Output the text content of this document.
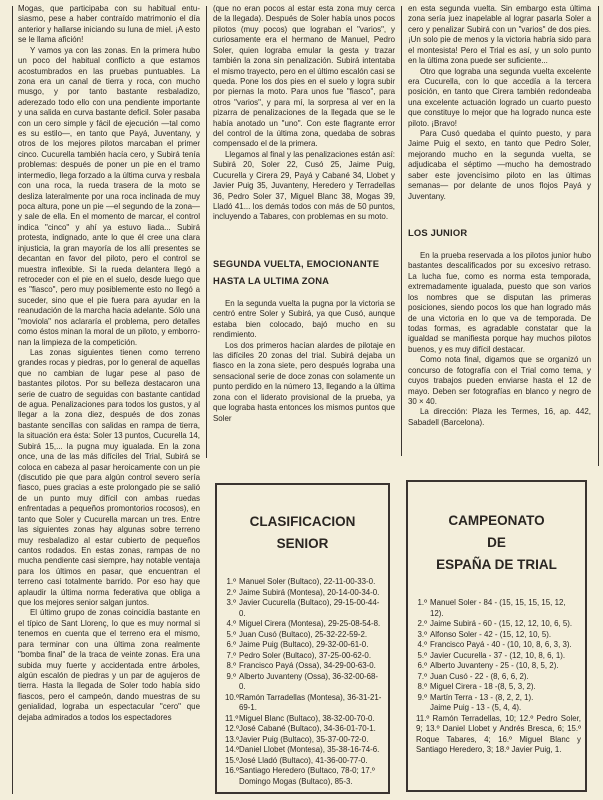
Mogas, que participaba con su habitual entusiasmo, pese a haber contraído matrimonio el día anterior y hallarse iniciando su luna de miel. ¡A esto se le llama afición!

Y vamos ya con las zonas. En la primera hubo un poco del habitual conflicto a que estamos acostumbrados en las pruebas puntuables. La zona era un canal de tierra y roca, con mucho musgo, y por tanto bastante resbaladizo, aderezado todo ello con una pendiente importante y una salida en curva bastante deficil. Soler pasaba con un cero simple y fácil de ejecución —tal como es su estilo—, en tanto que Payá, Juventany, y otros de los mejores pilotos marcaban el primer cinco. Cucurella también hacía cero, y Subirá tenía problemas: después de poner un pie en el tramo intermedio, llega forzado a la última curva y resbala con una roca, la rueda trasera de la moto se desliza lateralmente por una roca inclinada de muy poca altura, pone un pie —el segundo de la zona— y sale de ella. En el momento de marcar, el control indica "cinco" y ahí ya estuvo liada... Subirá protesta, indignado, ante lo que él cree una clara injusticia, la gran mayoría de los allí presentes se decantan en favor del piloto, pero el control se muestra inflexible. Si la rueda delantera llegó a retroceder con el pie en el suelo, desde luego que es "fiasco", pero muy posiblemente esto no llegó a suceder, sino que el pie fuera para ayudar en la reanudación de la marcha hacia adelante. Sólo una "moviola" nos aclararía el problema, pero detalles como éstos minan la moral de un piloto, y emborronan la limpieza de la competición.

Las zonas siguientes tienen como terreno grandes rocas y piedras, por lo general de aquellas que no cambian de lugar pese al paso de bastantes pilotos. Por su belleza destacaron una serie de cuatro de seguidas con bastante cantidad de agua. Penalizaciones para todos los gustos, y al llegar a la zona diez, después de dos zonas bastante sencillas con salidas en rampa de tierra, la situación era ésta: Soler 13 puntos, Cucurella 14, Subirá 15,... la pugna muy igualada. En la zona once, una de las más difíciles del Trial, Subirá se coloca en cabeza al pasar heroicamente con un pie (discutido pie que para algún control severo sería fiasco, pues gracias a este prolongado pie se salió de un punto muy difícil con ambas ruedas enfrentadas a pequeños promontorios rocosos), en tanto que Soler y Cucurella marcan un tres. Entre las siguientes zonas hay algunas sobre terreno muy resbaladizo al estar cubierto de pequeños cantos rodados. En estas zonas, rampas de no mucha pendiente casi siempre, hay notable ventaja para los últimos en pasar, que encuentran el terreno casi totalmente barrido. Por eso hay que aplaudir la última norma federativa que obliga a que los mejores senior salgan juntos.

El último grupo de zonas coincidía bastante en el típico de Sant Llorenç, lo que es muy normal si tenemos en cuenta que el terreno era el mismo, para terminar con una última zona realmente "bomba final" de la traca de veinte zonas. Era una subida muy fuerte y accidentada entre árboles, algún escalón de piedras y un par de agujeros de tierra. Hasta la llegada de Soler todo había sido fiascos, pero el campeón, dando muestras de su genialidad, lograba un espectacular "cero" que dejaba admirados a todos los espectadores

(que no eran pocos al estar esta zona muy cerca de la llegada). Después de Soler había unos pocos pilotos (muy pocos) que lograban el "varios", y curiosamente era el hermano de Manuel, Pedro Soler, quien lograba emular la gesta y trazar también la zona sin penalización. Subirá intentaba el mismo trayecto, pero en el último escalón casi se queda. Pone los dos pies en el suelo y logra subir por piernas la moto. Para unos fue "fiasco", para otros "varios", y para mí, la sorpresa al ver en la pizarra de penalizaciones de la llegada que se le había anotado un "uno". Con este flagrante error del control de la última zona, quedaba de sobras compensado el de la primera.

Llegamos al final y las penalizaciones están así: Subirá 20, Soler 22, Cusó 25, Jaime Puig, Cucurella y Cirera 29, Payá y Cabané 34, Llobet y Javier Puig 35, Juvanteny, Heredero y Terradellas 36, Pedro Soler 37, Miguel Blanc 38, Mogas 39, Lladó 41... los demás todos con más de 50 puntos, incluyendo a Tabares, con problemas en su moto.

SEGUNDA VUELTA, EMOCIONANTE
HASTA LA ULTIMA ZONA

En la segunda vuelta la pugna por la victoria se centró entre Soler y Subirá, ya que Cusó, aunque estaba bien colocado, bajó mucho en su rendimiento.

Los dos primeros hacían alardes de pilotaje en las difíciles 20 zonas del trial. Subirá dejaba un fiasco en la zona siete, pero después lograba una sensacional serie de doce zonas con solamente un punto perdido en la número 13, llegando a la última zona con el liderato provisional de la prueba, ya que lograba hasta entonces los mismos puntos que Soler

en esta segunda vuelta. Sin embargo esta última zona sería juez inapelable al lograr pasarla Soler a cero y penalizar Subirá con un "varios" de dos pies. ¡Un solo pie de menos y la victoria habría sido para el montesista! Pero el Trial es así, y un solo punto en la última zona puede ser suficiente...

Otro que lograba una segunda vuelta excelente era Cucurella, con lo que accedía a la tercera posición, en tanto que Cirera también redondeaba una excelente actuación logrado un cuarto puesto que constituye lo mejor que ha logrado nunca este piloto. ¡Bravo!

Para Cusó quedaba el quinto puesto, y para Jaime Puig el sexto, en tanto que Pedro Soler, mejorando mucho en la segunda vuelta, se adjudicaba el séptimo —mucho ha demostrado saber este jovencísimo piloto en las últimas semanas— por delante de unos flojos Payá y Juventany.

LOS JUNIOR

En la prueba reservada a los pilotos junior hubo bastantes descalificados por su excesivo retraso. La lucha fue, como es norma esta temporada, extremadamente igualada, puesto que son varios los nombres que se disputan las primeras posiciones, siendo pocos los que han logrado más de una victoria en lo que va de temporada. De todas formas, es agradable constatar que la igualdad se manifiesta porque hay muchos pilotos buenos, y es muy difícil destacar.

Como nota final, digamos que se organizó un concurso de fotografía con el Trial como tema, y cuyos trabajos pueden enviarse hasta el 12 de mayo. Deben ser fotografías en blanco y negro de 30 × 40.

La dirección: Plaza les Termes, 16, ap. 442, Sabadell (Barcelona).

CLASIFICACION
SENIOR
1.º Manuel Soler (Bultaco), 22-11-00-33-0.
2.º Jaime Subirá (Montesa), 20-14-00-34-0.
3.º Javier Cucurella (Bultaco), 29-15-00-44-0.
4.º Miguel Cirera (Montesa), 29-25-08-54-8.
5.º Juan Cusó (Bultaco), 25-32-22-59-2.
6.º Jaime Puig (Bultaco), 29-32-00-61-0.
7.º Pedro Soler (Bultaco), 37-25-00-62-0.
8.º Francisco Payá (Ossa), 34-29-00-63-0.
9.º Alberto Juvanteny (Ossa), 36-32-00-68-0.
10.ºRamón Tarradellas (Montesa), 36-31-21-69-1.
11.ºMiguel Blanc (Bultaco), 38-32-00-70-0.
12.ºJosé Cabané (Bultaco), 34-36-01-70-1.
13.ºJavier Puig (Bultaco), 35-37-00-72-0.
14.ºDaniel Llobet (Montesa), 35-38-16-74-6.
15.ºJosé Lladó (Bultaco), 41-36-00-77-0.
16.ºSantiago Heredero (Bultaco, 78-0; 17.º Domingo Mogas (Bultaco), 85-3.
CAMPEONATO
DE
ESPAÑA DE TRIAL
1.º Manuel Soler - 84 - (15, 15, 15, 15, 12, 12).
2.º Jaime Subirá - 60 - (15, 12, 12, 10, 6, 5).
3.º Alfonso Soler - 42 - (15, 12, 10, 5).
4.º Francisco Payá - 40 - (10, 10, 8, 6, 3, 3).
5.º Javier Cucurella - 37 - (12, 10, 8, 6, 1).
6.º Alberto Juvanteny - 25 - (10, 8, 5, 2).
7.º Juan Cusó - 22 - (8, 6, 6, 2).
8.º Miguel Cirera - 18 -(8, 5, 3, 2).
9.º Martín Terra - 13 - (8, 2, 2, 1).
Jaime Puig - 13 - (5, 4, 4).
11.º Ramón Terradellas, 10; 12.º Pedro Soler, 9; 13.º Daniel Llobet y Andrés Bresca, 6; 15.º Roque Tabares, 4; 16.º Miguel Blanc y Santiago Heredero, 3; 18.º Javier Puig, 1.
